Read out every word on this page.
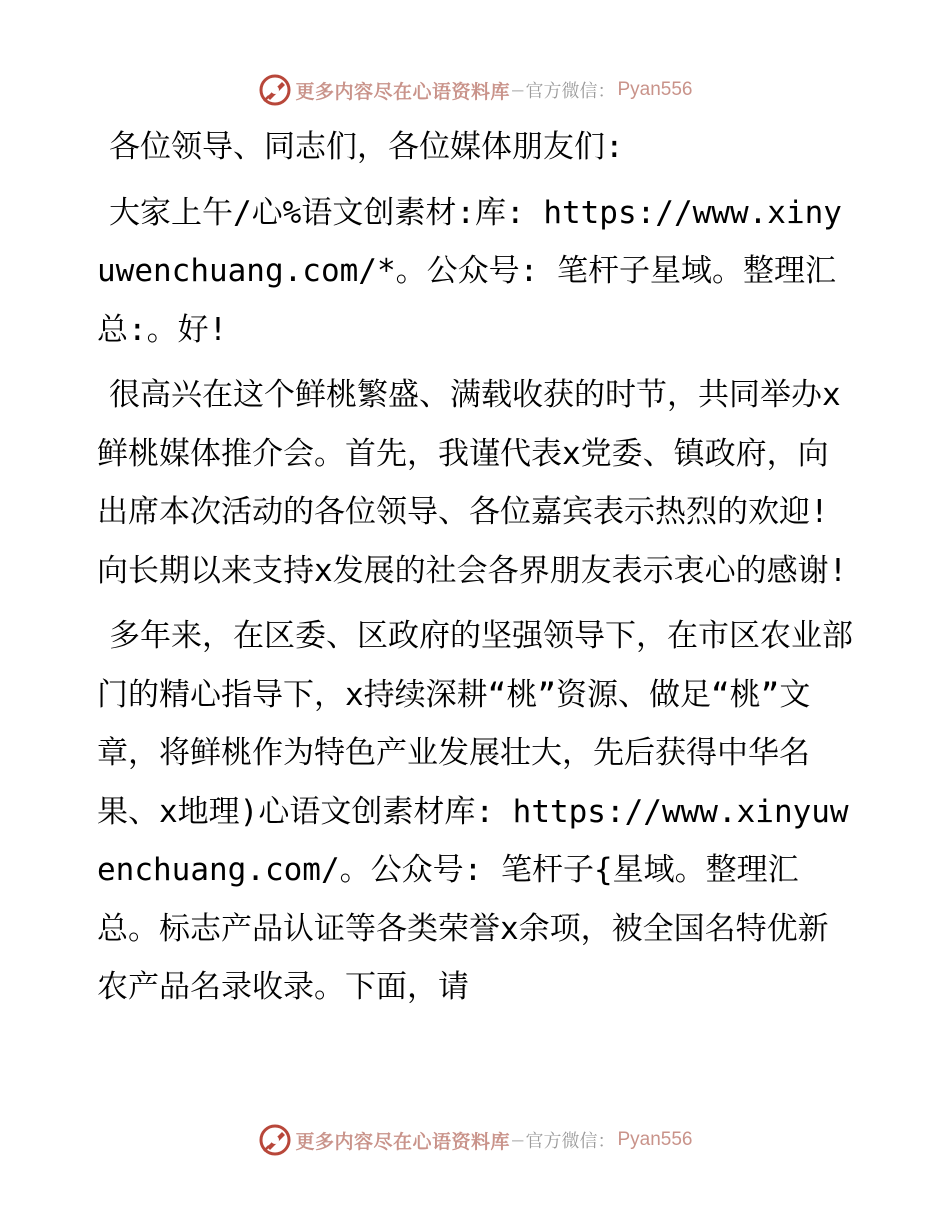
更多内容尽在心语资料库 — 官方微信： Pyan556

各位领导、同志们，各位媒体朋友们:

大家上午/心%语文创素材:库: https://www.xinyuwenchuang.com/*。公众号: 笔杆子星域。整理汇总:。好!

很高兴在这个鲜桃繁盛、满载收获的时节，共同举办x鲜桃媒体推介会。首先，我谨代表x党委、镇政府，向出席本次活动的各位领导、各位嘉宾表示热烈的欢迎! 向长期以来支持x发展的社会各界朋友表示衷心的感谢!

多年来，在区委、区政府的坚强领导下，在市区农业部门的精心指导下，x持续深耕“桃”资源、做足“桃”文章，将鲜桃作为特色产业发展壮大，先后获得中华名果、x地理)心语文创素材库: https://www.xinyuwenchuang.com/。公众号: 笔杆子{星域。整理汇总。标志产品认证等各类荣誉x余项，被全国名特优新农产品名录收录。下面，请

更多内容尽在心语资料库 — 官方微信： Pyan556
